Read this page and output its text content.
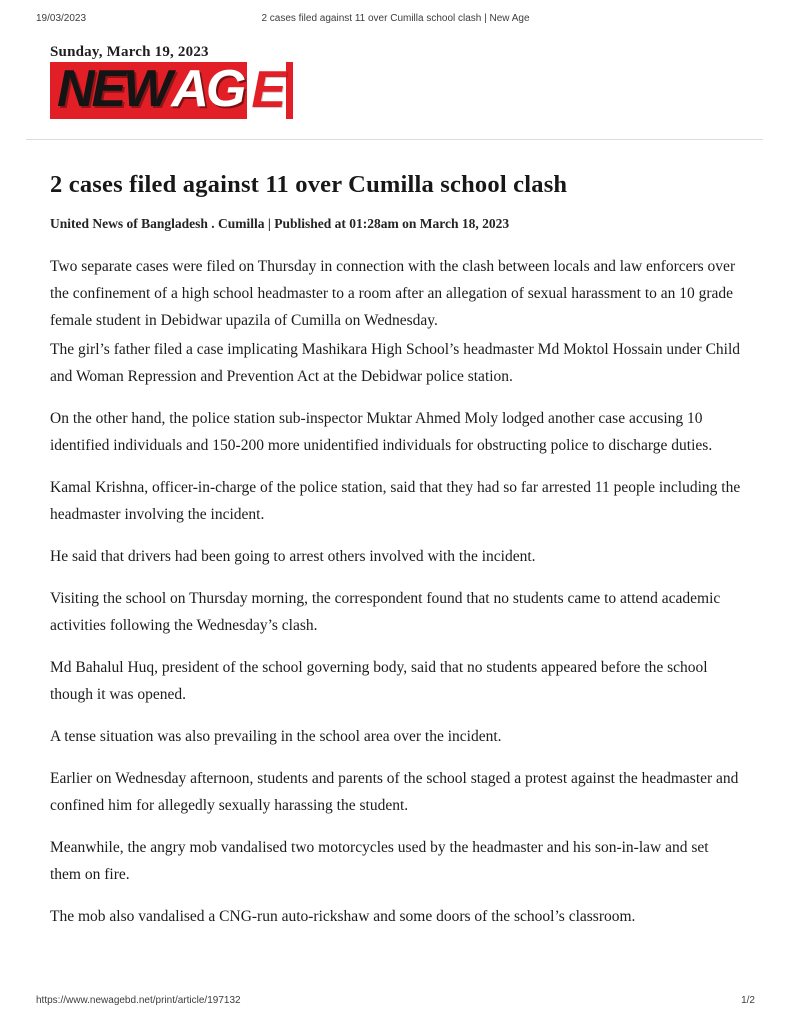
19/03/2023	2 cases filed against 11 over Cumilla school clash | New Age
Sunday, March 19, 2023
NEW AG E
2 cases filed against 11 over Cumilla school clash
United News of Bangladesh . Cumilla | Published at 01:28am on March 18, 2023

Two separate cases were filed on Thursday in connection with the clash between locals and law enforcers over the confinement of a high school headmaster to a room after an allegation of sexual harassment to an 10 grade female student in Debidwar upazila of Cumilla on Wednesday.

The girl’s father filed a case implicating Mashikara High School’s headmaster Md Moktol Hossain under Child and Woman Repression and Prevention Act at the Debidwar police station.

On the other hand, the police station sub-inspector Muktar Ahmed Moly lodged another case accusing 10 identified individuals and 150-200 more unidentified individuals for obstructing police to discharge duties.

Kamal Krishna, officer-in-charge of the police station, said that they had so far arrested 11 people including the headmaster involving the incident.

He said that drivers had been going to arrest others involved with the incident.

Visiting the school on Thursday morning, the correspondent found that no students came to attend academic activities following the Wednesday’s clash.

Md Bahalul Huq, president of the school governing body, said that no students appeared before the school though it was opened.

A tense situation was also prevailing in the school area over the incident.

Earlier on Wednesday afternoon, students and parents of the school staged a protest against the headmaster and confined him for allegedly sexually harassing the student.

Meanwhile, the angry mob vandalised two motorcycles used by the headmaster and his son-in-law and set them on fire.

The mob also vandalised a CNG-run auto-rickshaw and some doors of the school’s classroom.

https://www.newagebd.net/print/article/197132	1/2
